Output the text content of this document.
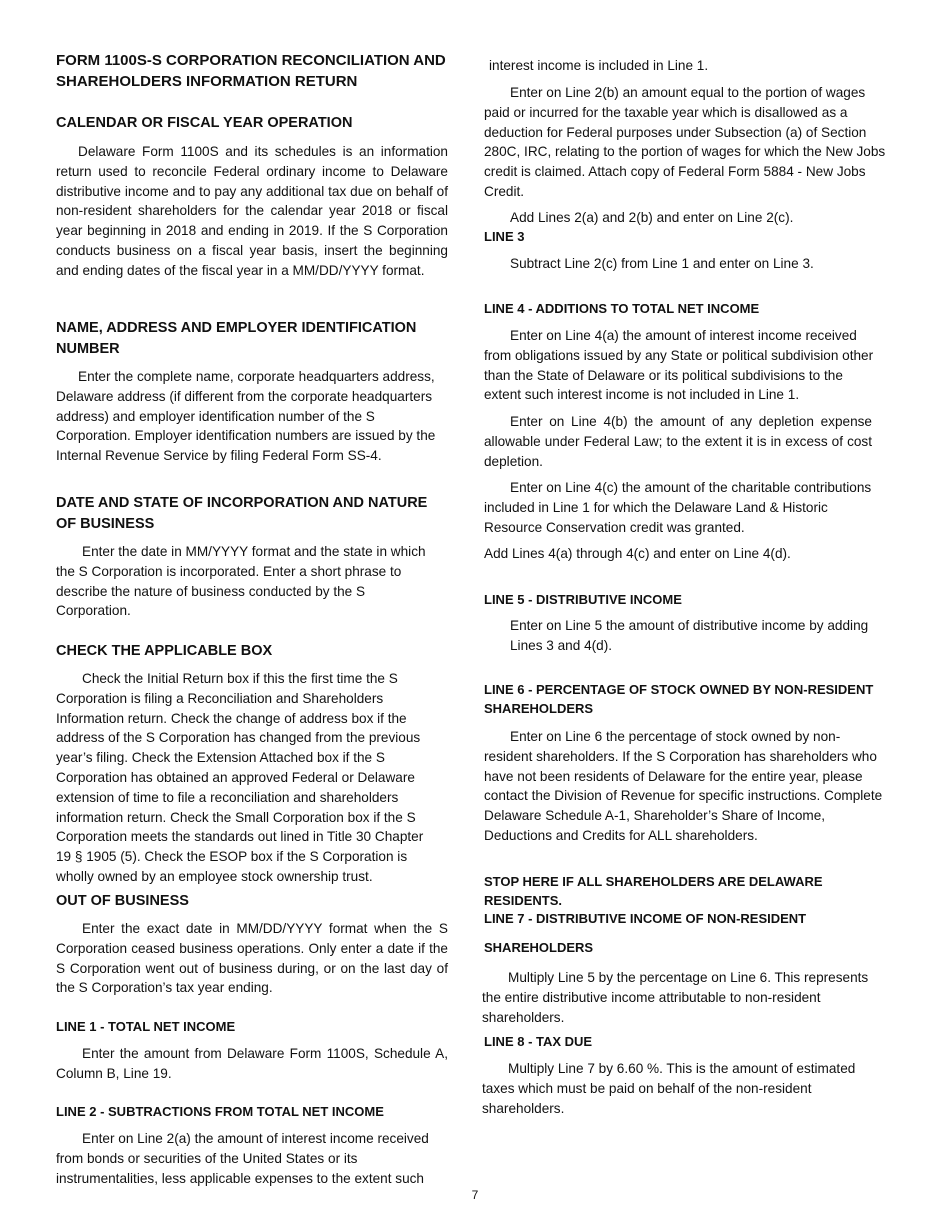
FORM 1100S-S CORPORATION RECONCILIATION AND SHAREHOLDERS INFORMATION RETURN
CALENDAR OR FISCAL YEAR OPERATION

Delaware Form 1100S and its schedules is an information return used to reconcile Federal ordinary income to Delaware distributive income and to pay any additional tax due on behalf of non-resident shareholders for the calendar year 2018 or fiscal year beginning in 2018 and ending in 2019. If the S Corporation conducts business on a fiscal year basis, insert the beginning and ending dates of the fiscal year in a MM/DD/YYYY format.

NAME, ADDRESS AND EMPLOYER IDENTIFICATION NUMBER

Enter the complete name, corporate headquarters address, Delaware address (if different from the corporate headquarters address) and employer identification number of the S Corporation. Employer identification numbers are issued by the Internal Revenue Service by filing Federal Form SS-4.

DATE AND STATE OF INCORPORATION AND NATURE OF BUSINESS

Enter the date in MM/YYYY format and the state in which the S Corporation is incorporated. Enter a short phrase to describe the nature of business conducted by the S Corporation.

CHECK THE APPLICABLE BOX

Check the Initial Return box if this the first time the S Corporation is filing a Reconciliation and Shareholders Information return. Check the change of address box if the address of the S Corporation has changed from the previous year’s filing. Check the Extension Attached box if the S Corporation has obtained an approved Federal or Delaware extension of time to file a reconciliation and shareholders information return. Check the Small Corporation box if the S Corporation meets the standards out lined in Title 30 Chapter 19 § 1905 (5). Check the ESOP box if the S Corporation is wholly owned by an employee stock ownership trust.

OUT OF BUSINESS

Enter the exact date in MM/DD/YYYY format when the S Corporation ceased business operations. Only enter a date if the S Corporation went out of business during, or on the last day of the S Corporation’s tax year ending.

LINE 1 - TOTAL NET INCOME

Enter the amount from Delaware Form 1100S, Schedule A, Column B, Line 19.

LINE 2 - SUBTRACTIONS FROM TOTAL NET INCOME

Enter on Line 2(a) the amount of interest income received from bonds or securities of the United States or its instrumentalities, less applicable expenses to the extent such

interest income is included in Line 1.

Enter on Line 2(b) an amount equal to the portion of wages paid or incurred for the taxable year which is disallowed as a deduction for Federal purposes under Subsection (a) of Section 280C, IRC, relating to the portion of wages for which the New Jobs credit is claimed. Attach copy of Federal Form 5884 - New Jobs Credit.

Add Lines 2(a) and 2(b) and enter on Line 2(c).

LINE 3

Subtract Line 2(c) from Line 1 and enter on Line 3.

LINE 4 - ADDITIONS TO TOTAL NET INCOME

Enter on Line 4(a) the amount of interest income received from obligations issued by any State or political subdivision other than the State of Delaware or its political subdivisions to the extent such interest income is not included in Line 1.

Enter on Line 4(b) the amount of any depletion expense allowable under Federal Law; to the extent it is in excess of cost depletion.

Enter on Line 4(c) the amount of the charitable contributions included in Line 1 for which the Delaware Land & Historic Resource Conservation credit was granted.

Add Lines 4(a) through 4(c) and enter on Line 4(d).

LINE 5 - DISTRIBUTIVE INCOME

Enter on Line 5 the amount of distributive income by adding Lines 3 and 4(d).

LINE 6 - PERCENTAGE OF STOCK OWNED BY NON-RESIDENT SHAREHOLDERS

Enter on Line 6 the percentage of stock owned by non-resident shareholders. If the S Corporation has shareholders who have not been residents of Delaware for the entire year, please contact the Division of Revenue for specific instructions. Complete Delaware Schedule A-1, Shareholder’s Share of Income, Deductions and Credits for ALL shareholders.

STOP HERE IF ALL SHAREHOLDERS ARE DELAWARE RESIDENTS.
LINE 7 - DISTRIBUTIVE INCOME OF NON-RESIDENT
SHAREHOLDERS

Multiply Line 5 by the percentage on Line 6. This represents the entire distributive income attributable to non-resident shareholders.

LINE 8 - TAX DUE

Multiply Line 7 by 6.60 %. This is the amount of estimated taxes which must be paid on behalf of the non-resident shareholders.

7
